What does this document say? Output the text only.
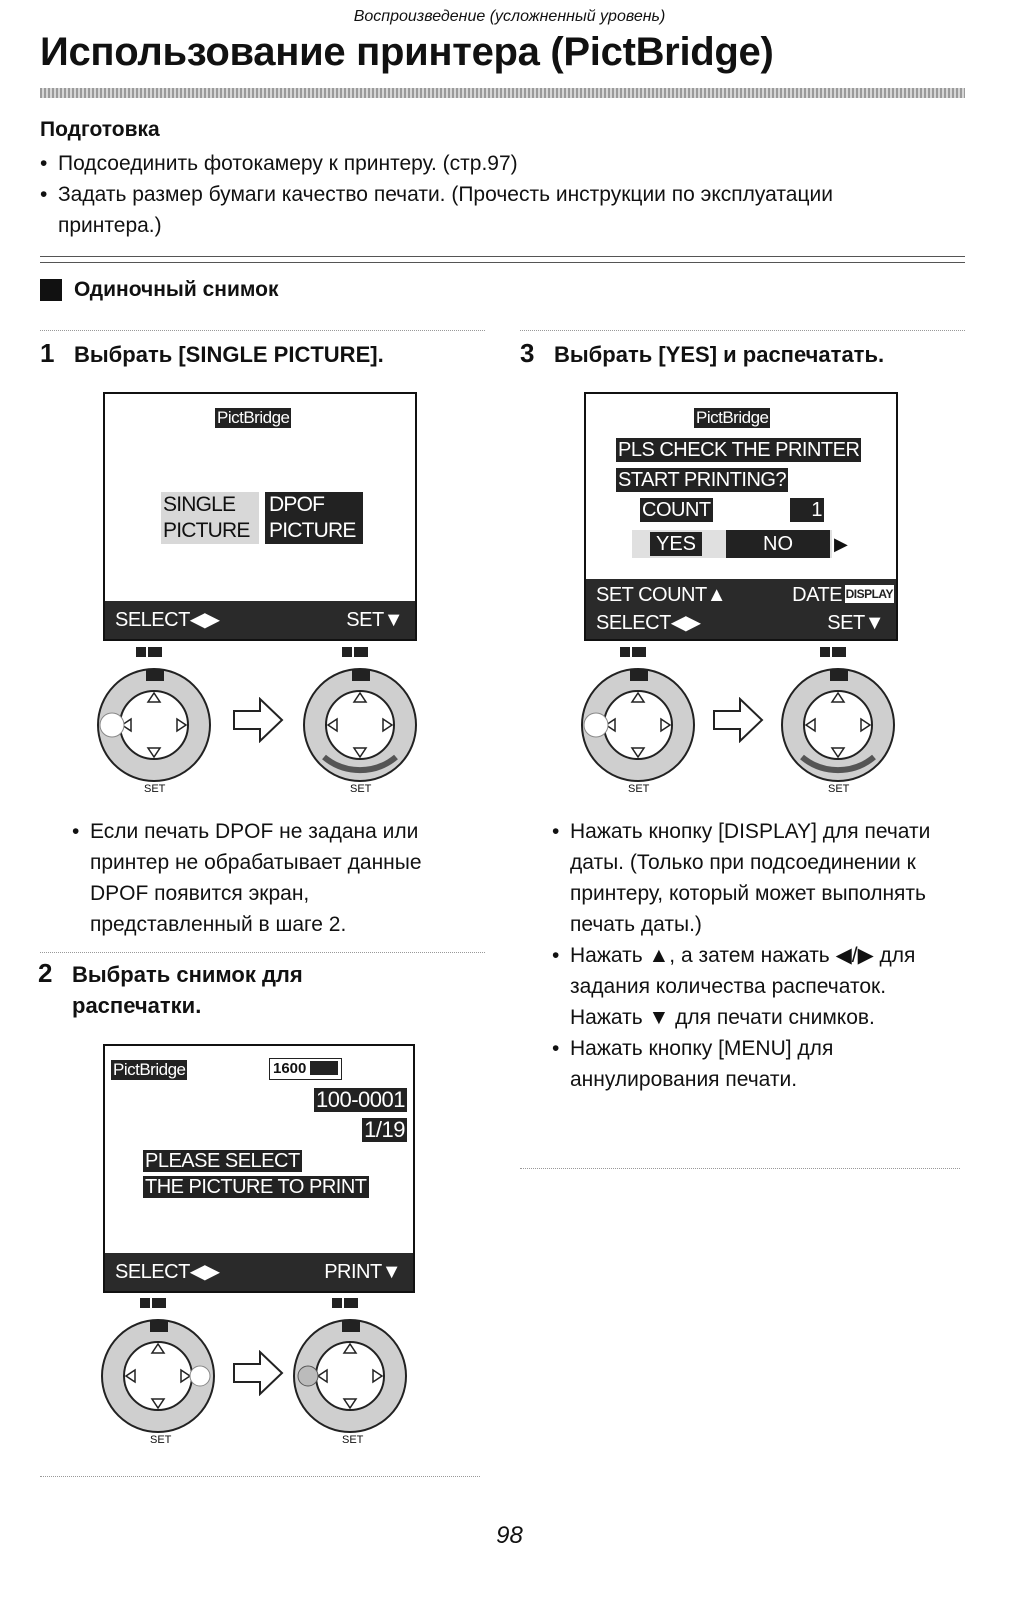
Воспроизведение (усложненный уровень)
Использование принтера (PictBridge)
Подготовка
• Подсоединить фотокамеру к принтеру. (стр.97)
• Задать размер бумаги качество печати. (Прочесть инструкции по эксплуатации принтера.)
Одиночный снимок
1 Выбрать [SINGLE PICTURE].
PictBridge
SINGLE
PICTURE
DPOF
PICTURE
SELECT◀▶	SET▼
SET	SET
• Если печать DPOF не задана или принтер не обрабатывает данные DPOF появится экран, представленный в шаге 2.
2 Выбрать снимок для
распечатки.
PictBridge	1600
100-0001
1/19
PLEASE SELECT
THE PICTURE TO PRINT
SELECT◀▶	PRINT▼
SET	SET
3 Выбрать [YES] и распечатать.
PictBridge
PLS CHECK THE PRINTER
START PRINTING?
COUNT	1
YES	NO	▶
SET COUNT▲	DATE DISPLAY
SELECT◀▶	SET▼
SET	SET
• Нажать кнопку [DISPLAY] для печати даты. (Только при подсоединении к принтеру, который может выполнять печать даты.)
• Нажать ▲, а затем нажать ◀/▶ для задания количества распечаток. Нажать ▼ для печати снимков.
• Нажать кнопку [MENU] для аннулирования печати.
98
